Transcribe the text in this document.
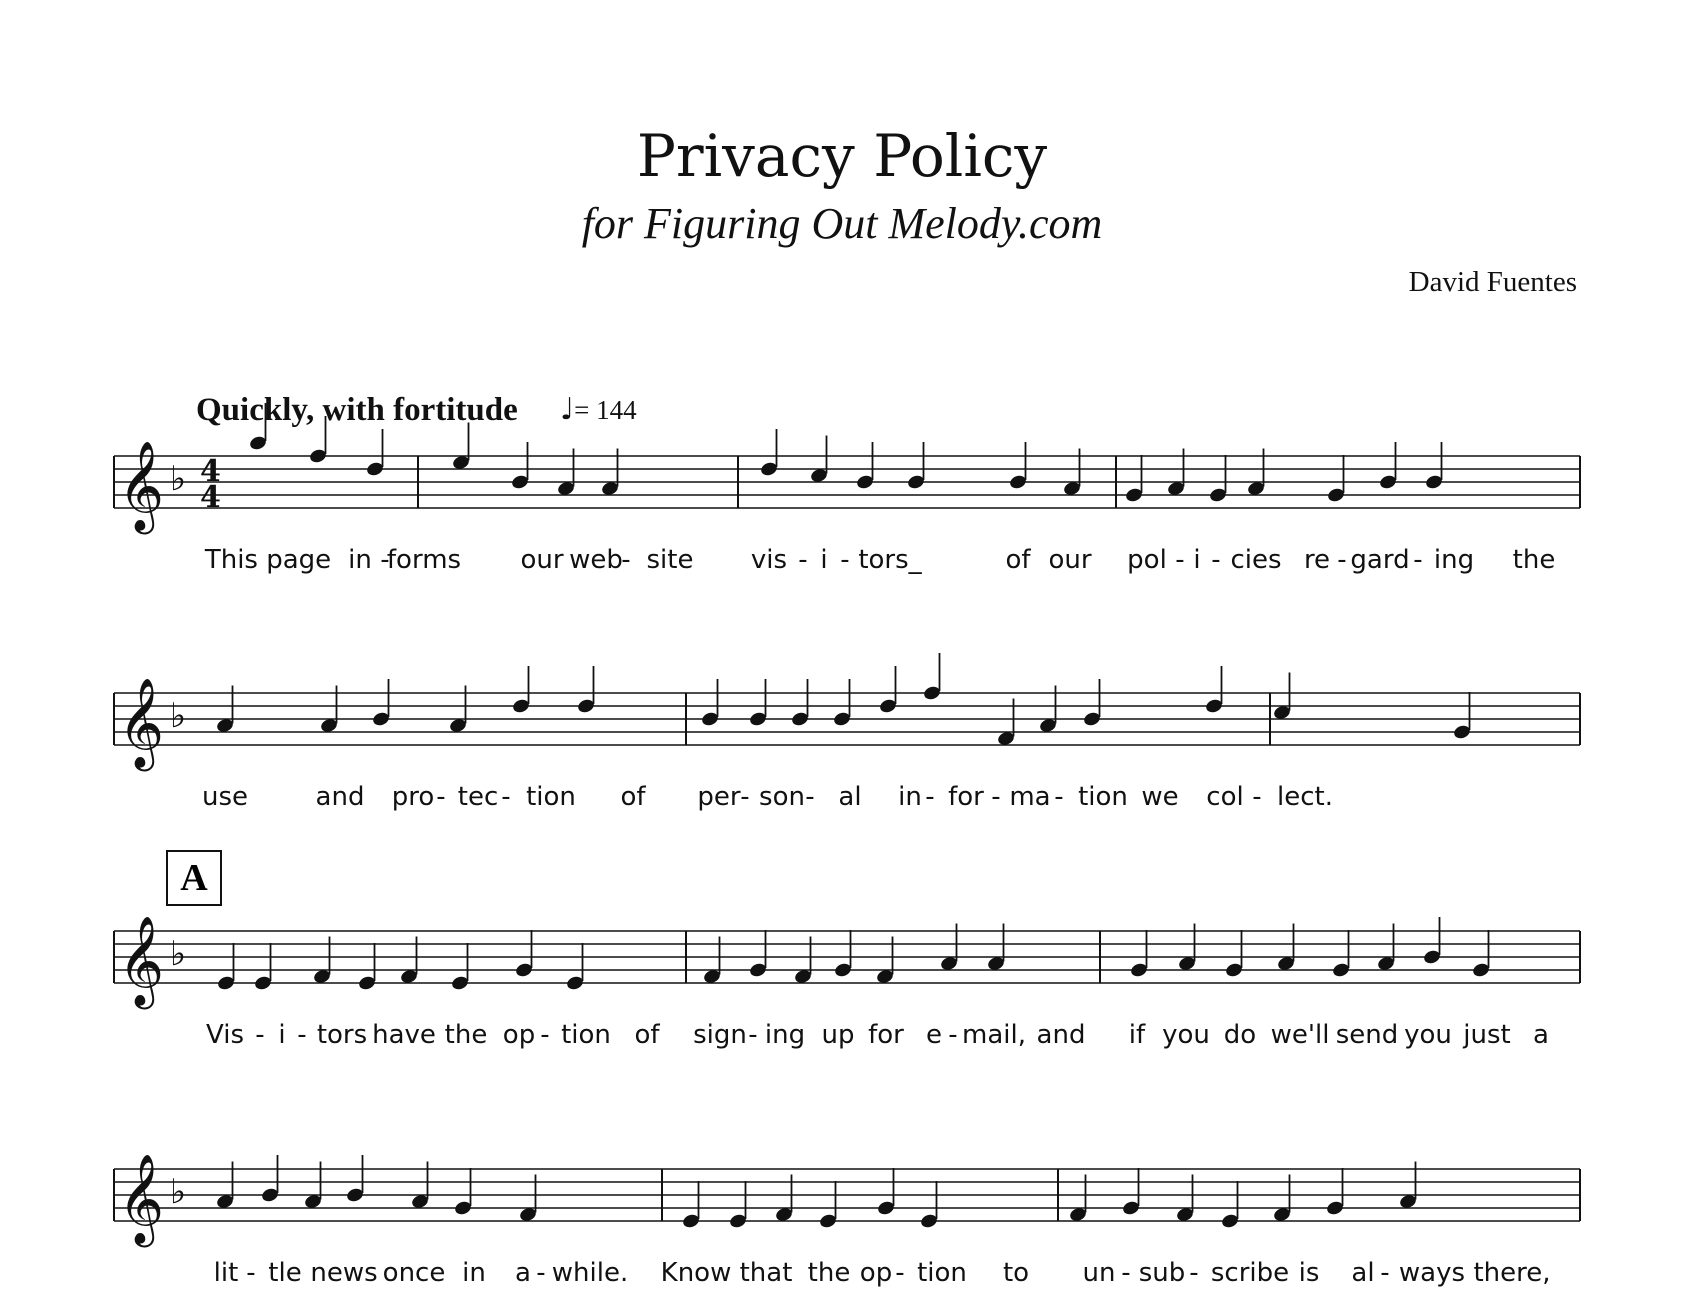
Privacy Policy
for Figuring Out Melody.com
David Fuentes
Quickly, with fortitude ♩= 144
A
𝄞 ♭ 4
4
This page in -
forms our web
- site vis - i - tors_	of our pol - i - cies re - gard - ing the
𝄞 ♭
use	and pro - tec - tion of per - son - al in - for - ma - tion we col - lect.
𝄞 ♭
Vis - i - tors have the op - tion of sign - ing up for e - mail, and if you do we'll send you just a
𝄞 ♭
lit - tle news once in a - while. Know that the op - tion to un - sub - scribe is al - ways there,
